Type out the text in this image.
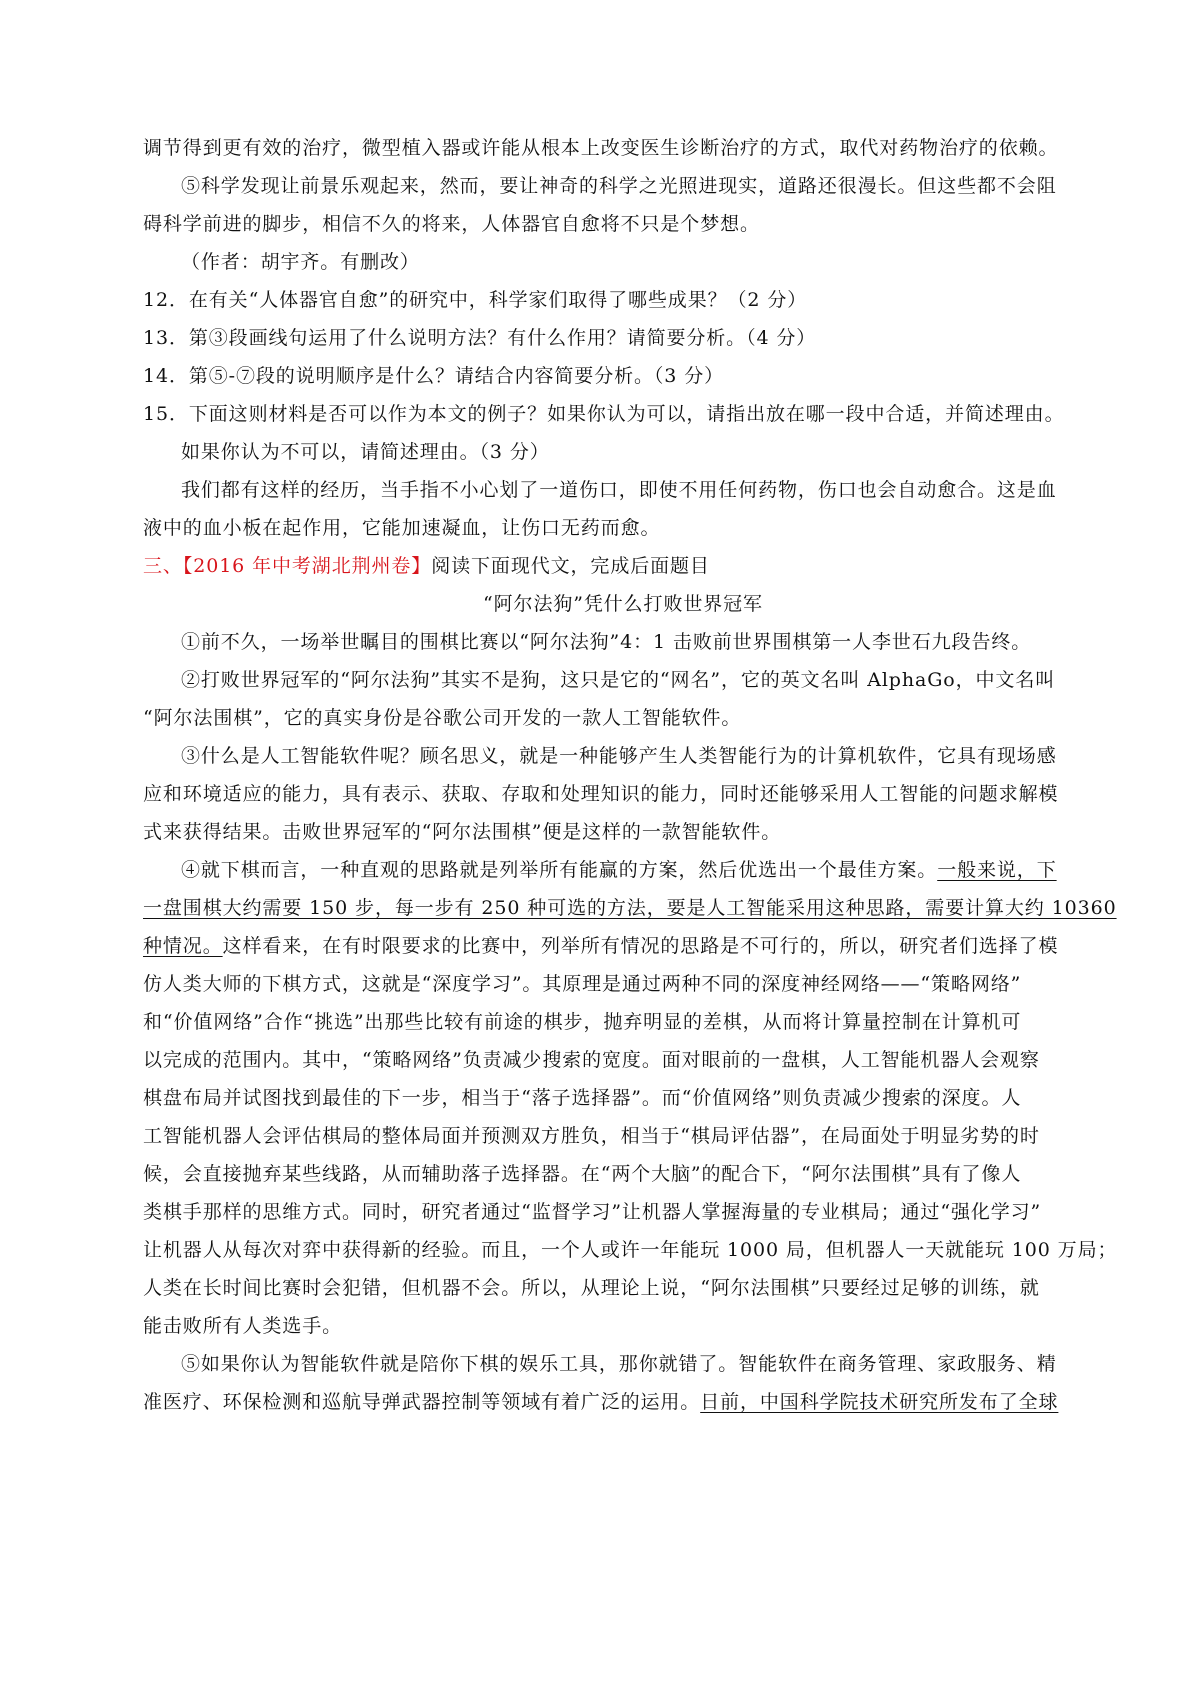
调节得到更有效的治疗，微型植入器或许能从根本上改变医生诊断治疗的方式，取代对药物治疗的依赖。
⑤科学发现让前景乐观起来，然而，要让神奇的科学之光照进现实，道路还很漫长。但这些都不会阻
碍科学前进的脚步，相信不久的将来，人体器官自愈将不只是个梦想。
（作者：胡宇齐。有删改）
12．在有关“人体器官自愈”的研究中，科学家们取得了哪些成果？（2 分）
13．第③段画线句运用了什么说明方法？有什么作用？请简要分析。（4 分）
14．第⑤-⑦段的说明顺序是什么？请结合内容简要分析。（3 分）
15．下面这则材料是否可以作为本文的例子？如果你认为可以，请指出放在哪一段中合适，并简述理由。
如果你认为不可以，请简述理由。（3 分）
我们都有这样的经历，当手指不小心划了一道伤口，即使不用任何药物，伤口也会自动愈合。这是血
液中的血小板在起作用，它能加速凝血，让伤口无药而愈。
三、【2016 年中考湖北荆州卷】阅读下面现代文，完成后面题目
“阿尔法狗”凭什么打败世界冠军
①前不久，一场举世瞩目的围棋比赛以“阿尔法狗”4：1 击败前世界围棋第一人李世石九段告终。
②打败世界冠军的“阿尔法狗”其实不是狗，这只是它的“网名”，它的英文名叫 AlphaGo，中文名叫
“阿尔法围棋”，它的真实身份是谷歌公司开发的一款人工智能软件。
③什么是人工智能软件呢？顾名思义，就是一种能够产生人类智能行为的计算机软件，它具有现场感
应和环境适应的能力，具有表示、获取、存取和处理知识的能力，同时还能够采用人工智能的问题求解模
式来获得结果。击败世界冠军的“阿尔法围棋”便是这样的一款智能软件。
④就下棋而言，一种直观的思路就是列举所有能赢的方案，然后优选出一个最佳方案。一般来说，下
一盘围棋大约需要 150 步，每一步有 250 种可选的方法，要是人工智能采用这种思路，需要计算大约 10360
种情况。这样看来，在有时限要求的比赛中，列举所有情况的思路是不可行的，所以，研究者们选择了模
仿人类大师的下棋方式，这就是“深度学习”。其原理是通过两种不同的深度神经网络——“策略网络”
和“价值网络”合作“挑选”出那些比较有前途的棋步，抛弃明显的差棋，从而将计算量控制在计算机可
以完成的范围内。其中，“策略网络”负责减少搜索的宽度。面对眼前的一盘棋，人工智能机器人会观察
棋盘布局并试图找到最佳的下一步，相当于“落子选择器”。而“价值网络”则负责减少搜索的深度。人
工智能机器人会评估棋局的整体局面并预测双方胜负，相当于“棋局评估器”，在局面处于明显劣势的时
候，会直接抛弃某些线路，从而辅助落子选择器。在“两个大脑”的配合下，“阿尔法围棋”具有了像人
类棋手那样的思维方式。同时，研究者通过“监督学习”让机器人掌握海量的专业棋局；通过“强化学习”
让机器人从每次对弈中获得新的经验。而且，一个人或许一年能玩 1000 局，但机器人一天就能玩 100 万局；
人类在长时间比赛时会犯错，但机器不会。所以，从理论上说，“阿尔法围棋”只要经过足够的训练，就
能击败所有人类选手。
⑤如果你认为智能软件就是陪你下棋的娱乐工具，那你就错了。智能软件在商务管理、家政服务、精
准医疗、环保检测和巡航导弹武器控制等领域有着广泛的运用。日前，中国科学院技术研究所发布了全球
